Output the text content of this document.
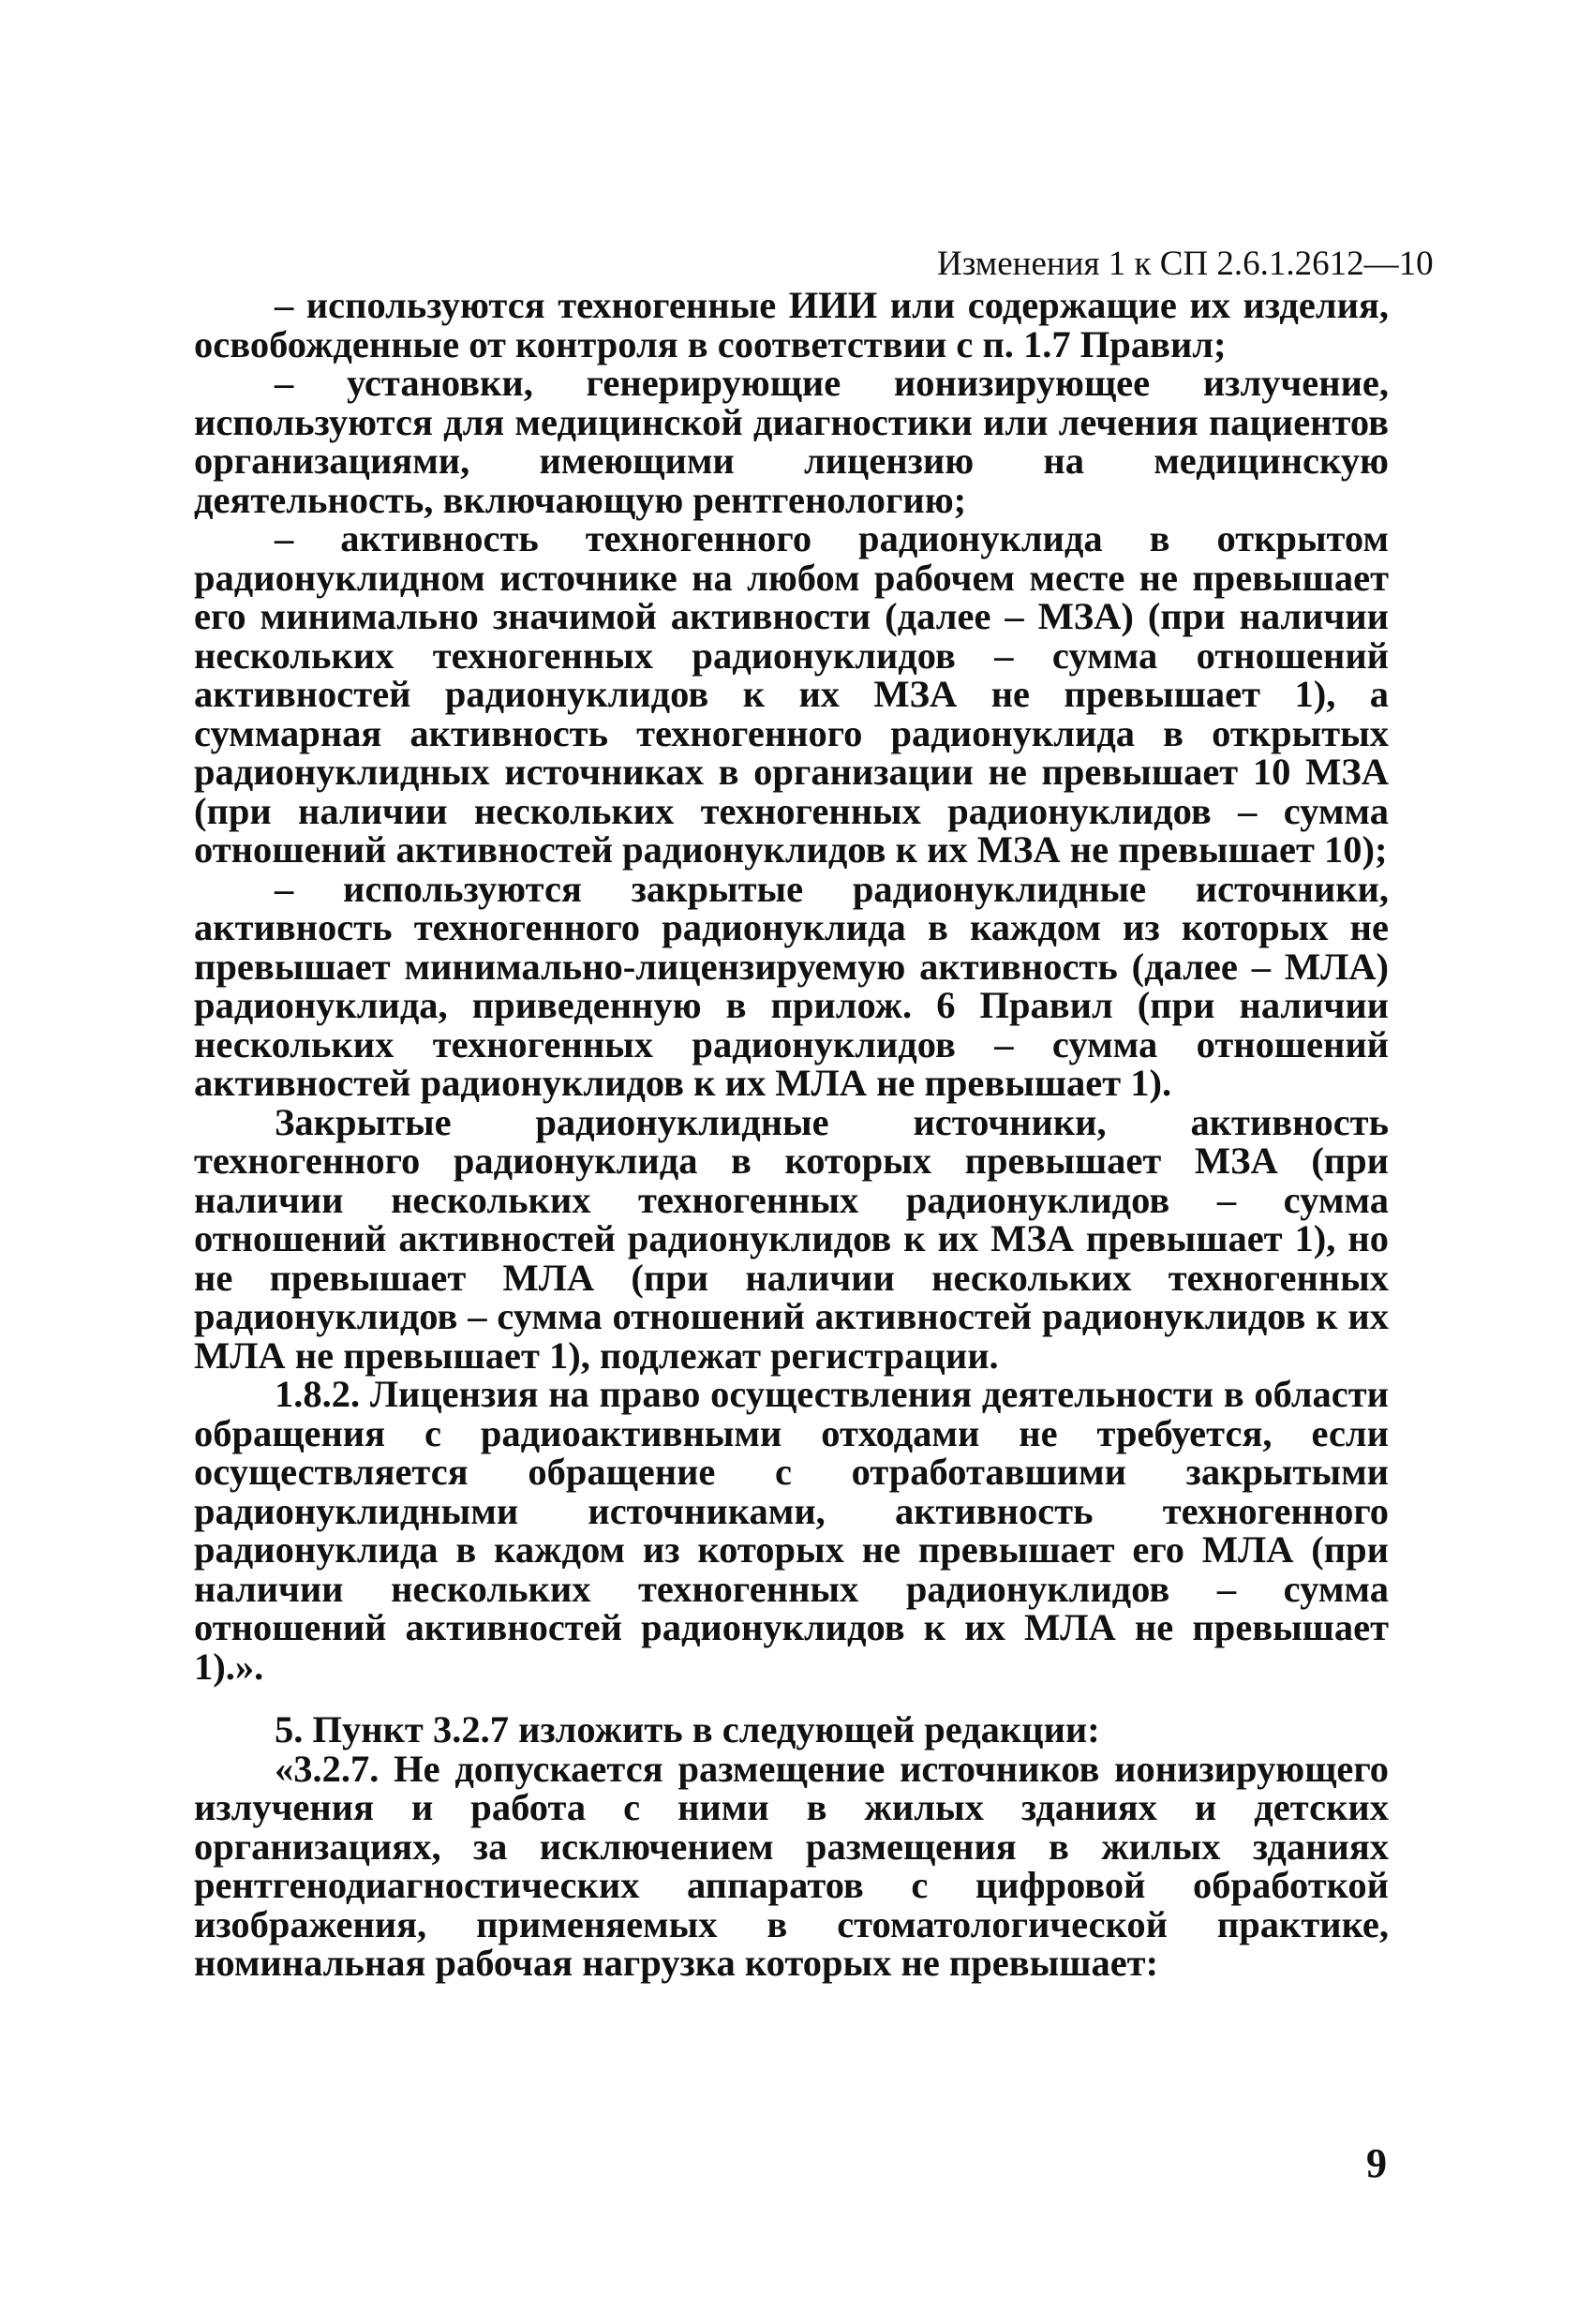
Изменения 1 к СП 2.6.1.2612—10

– используются техногенные ИИИ или содержащие их изделия, освобожденные от контроля в соответствии с п. 1.7 Правил;

– установки, генерирующие ионизирующее излучение, используются для медицинской диагностики или лечения пациентов организациями, имеющими лицензию на медицинскую деятельность, включающую рентгенологию;

– активность техногенного радионуклида в открытом радионуклидном источнике на любом рабочем месте не превышает его минимально значимой активности (далее – МЗА) (при наличии нескольких техногенных радионуклидов – сумма отношений активностей радионуклидов к их МЗА не превышает 1), а суммарная активность техногенного радионуклида в открытых радионуклидных источниках в организации не превышает 10 МЗА (при наличии нескольких техногенных радионуклидов – сумма отношений активностей радионуклидов к их МЗА не превышает 10);

– используются закрытые радионуклидные источники, активность техногенного радионуклида в каждом из которых не превышает минимально-лицензируемую активность (далее – МЛА) радионуклида, приведенную в прилож. 6 Правил (при наличии нескольких техногенных радионуклидов – сумма отношений активностей радионуклидов к их МЛА не превышает 1).

Закрытые радионуклидные источники, активность техногенного радионуклида в которых превышает МЗА (при наличии нескольких техногенных радионуклидов – сумма отношений активностей радионуклидов к их МЗА превышает 1), но не превышает МЛА (при наличии нескольких техногенных радионуклидов – сумма отношений активностей радионуклидов к их МЛА не превышает 1), подлежат регистрации.

1.8.2. Лицензия на право осуществления деятельности в области обращения с радиоактивными отходами не требуется, если осуществляется обращение с отработавшими закрытыми радионуклидными источниками, активность техногенного радионуклида в каждом из которых не превышает его МЛА (при наличии нескольких техногенных радионуклидов – сумма отношений активностей радионуклидов к их МЛА не превышает 1).».

5. Пункт 3.2.7 изложить в следующей редакции:

«3.2.7. Не допускается размещение источников ионизирующего излучения и работа с ними в жилых зданиях и детских организациях, за исключением размещения в жилых зданиях рентгенодиагностических аппаратов с цифровой обработкой изображения, применяемых в стоматологической практике, номинальная рабочая нагрузка которых не превышает:

9
